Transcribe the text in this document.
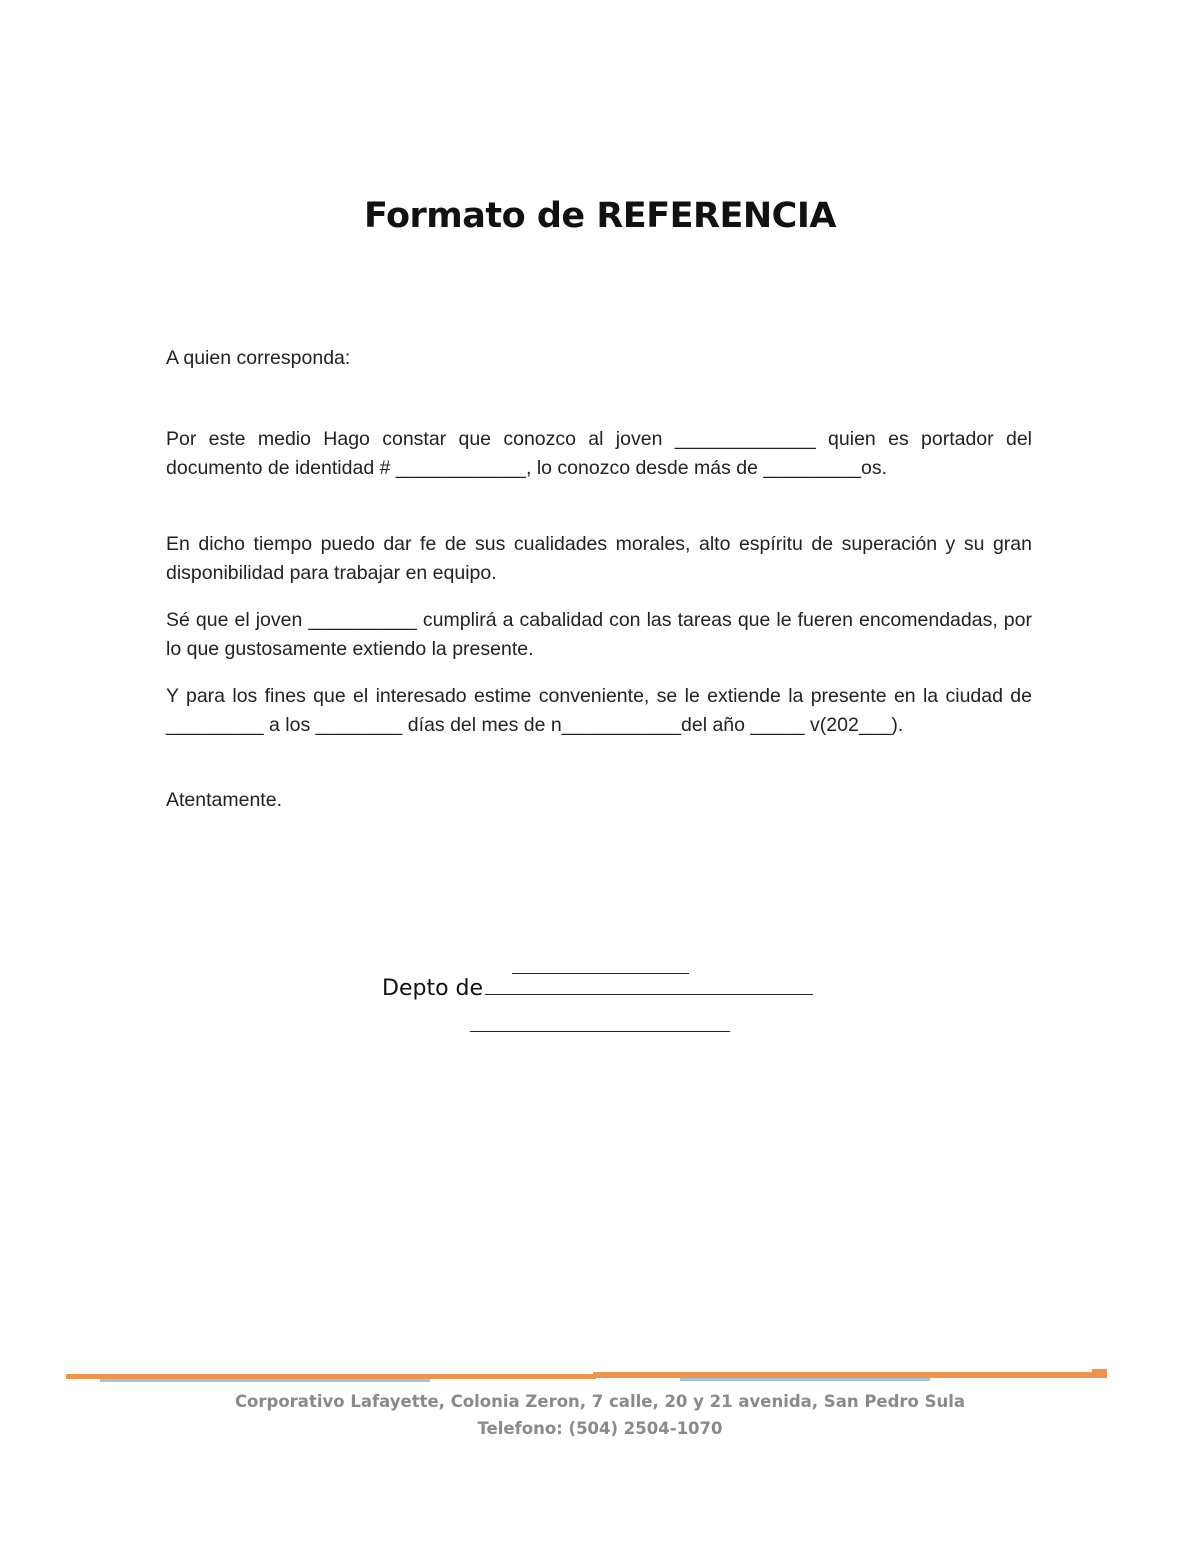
Formato de REFERENCIA
A quien corresponda:

Por este medio Hago constar que conozco al joven _____________ quien es portador del documento de identidad # ____________, lo conozco desde más de _________os.

En dicho tiempo puedo dar fe de sus cualidades morales, alto espíritu de superación y su gran disponibilidad para trabajar en equipo.

Sé que el joven __________ cumplirá a cabalidad con las tareas que le fueren encomendadas, por lo que gustosamente extiendo la presente.

Y para los fines que el interesado estime conveniente, se le extiende la presente en la ciudad de _________ a los ________ días del mes de n___________del año _____ v(202___).

Atentamente.
Depto de
Corporativo Lafayette, Colonia Zeron, 7 calle, 20 y 21 avenida, San Pedro Sula
Telefono: (504) 2504-1070
